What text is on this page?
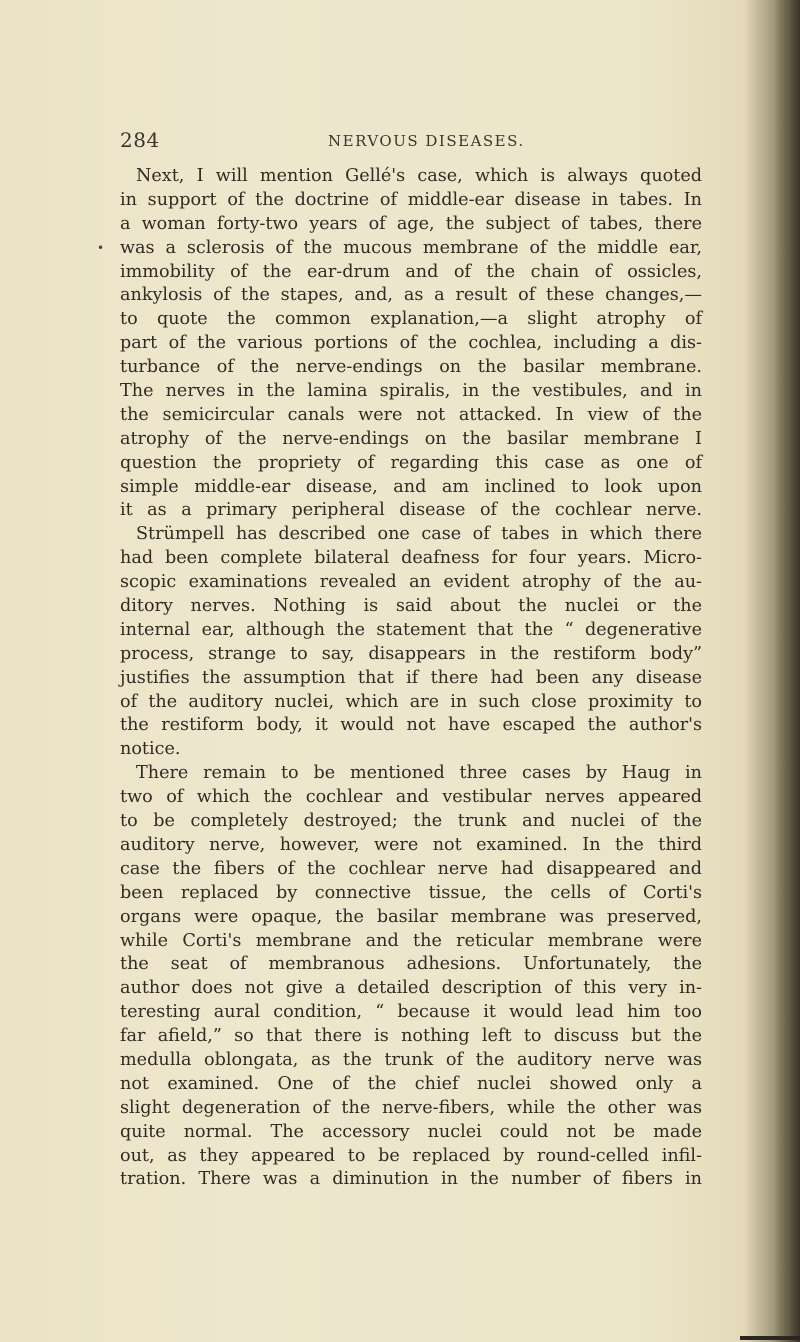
284	NERVOUS DISEASES.
•
Next, I will mention Gellé's case, which is always quoted
in support of the doctrine of middle-ear disease in tabes. In
a woman forty-two years of age, the subject of tabes, there
was a sclerosis of the mucous membrane of the middle ear,
immobility of the ear-drum and of the chain of ossicles,
ankylosis of the stapes, and, as a result of these changes,—
to quote the common explanation,—a slight atrophy of
part of the various portions of the cochlea, including a dis-
turbance of the nerve-endings on the basilar membrane.
The nerves in the lamina spiralis, in the vestibules, and in
the semicircular canals were not attacked. In view of the
atrophy of the nerve-endings on the basilar membrane I
question the propriety of regarding this case as one of
simple middle-ear disease, and am inclined to look upon
it as a primary peripheral disease of the cochlear nerve.
Strümpell has described one case of tabes in which there
had been complete bilateral deafness for four years. Micro-
scopic examinations revealed an evident atrophy of the au-
ditory nerves. Nothing is said about the nuclei or the
internal ear, although the statement that the “ degenerative
process, strange to say, disappears in the restiform body”
justifies the assumption that if there had been any disease
of the auditory nuclei, which are in such close proximity to
the restiform body, it would not have escaped the author's
notice.
There remain to be mentioned three cases by Haug in
two of which the cochlear and vestibular nerves appeared
to be completely destroyed; the trunk and nuclei of the
auditory nerve, however, were not examined. In the third
case the fibers of the cochlear nerve had disappeared and
been replaced by connective tissue, the cells of Corti's
organs were opaque, the basilar membrane was preserved,
while Corti's membrane and the reticular membrane were
the seat of membranous adhesions. Unfortunately, the
author does not give a detailed description of this very in-
teresting aural condition, “ because it would lead him too
far afield,” so that there is nothing left to discuss but the
medulla oblongata, as the trunk of the auditory nerve was
not examined. One of the chief nuclei showed only a
slight degeneration of the nerve-fibers, while the other was
quite normal. The accessory nuclei could not be made
out, as they appeared to be replaced by round-celled infil-
tration. There was a diminution in the number of fibers in
